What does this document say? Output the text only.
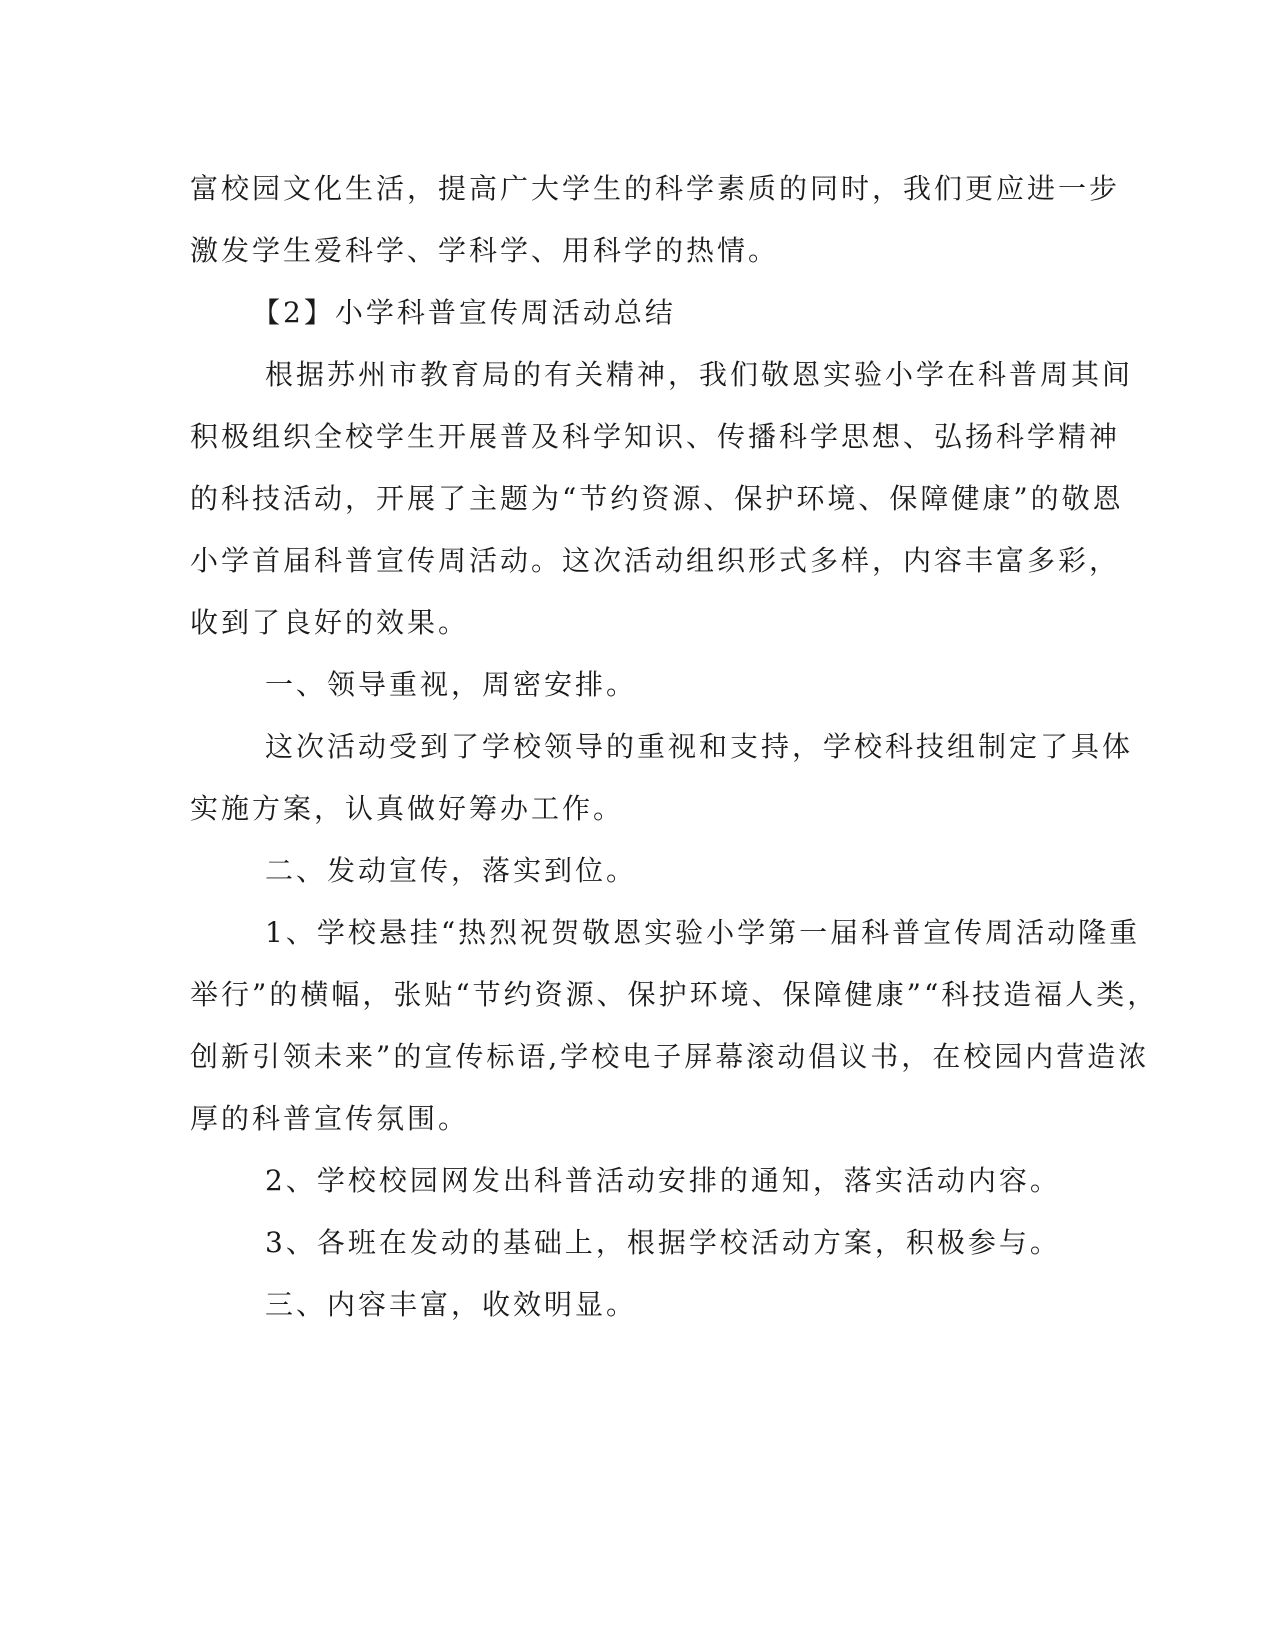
富校园文化生活，提高广大学生的科学素质的同时，我们更应进一步
激发学生爱科学、学科学、用科学的热情。
【2】小学科普宣传周活动总结
根据苏州市教育局的有关精神，我们敬恩实验小学在科普周其间
积极组织全校学生开展普及科学知识、传播科学思想、弘扬科学精神
的科技活动，开展了主题为“节约资源、保护环境、保障健康”的敬恩
小学首届科普宣传周活动。这次活动组织形式多样，内容丰富多彩，
收到了良好的效果。
一、领导重视，周密安排。
这次活动受到了学校领导的重视和支持，学校科技组制定了具体
实施方案，认真做好筹办工作。
二、发动宣传，落实到位。
1、学校悬挂“热烈祝贺敬恩实验小学第一届科普宣传周活动隆重
举行”的横幅，张贴“节约资源、保护环境、保障健康”“科技造福人类，
创新引领未来”的宣传标语,学校电子屏幕滚动倡议书，在校园内营造浓
厚的科普宣传氛围。
2、学校校园网发出科普活动安排的通知，落实活动内容。
3、各班在发动的基础上，根据学校活动方案，积极参与。
三、内容丰富，收效明显。
